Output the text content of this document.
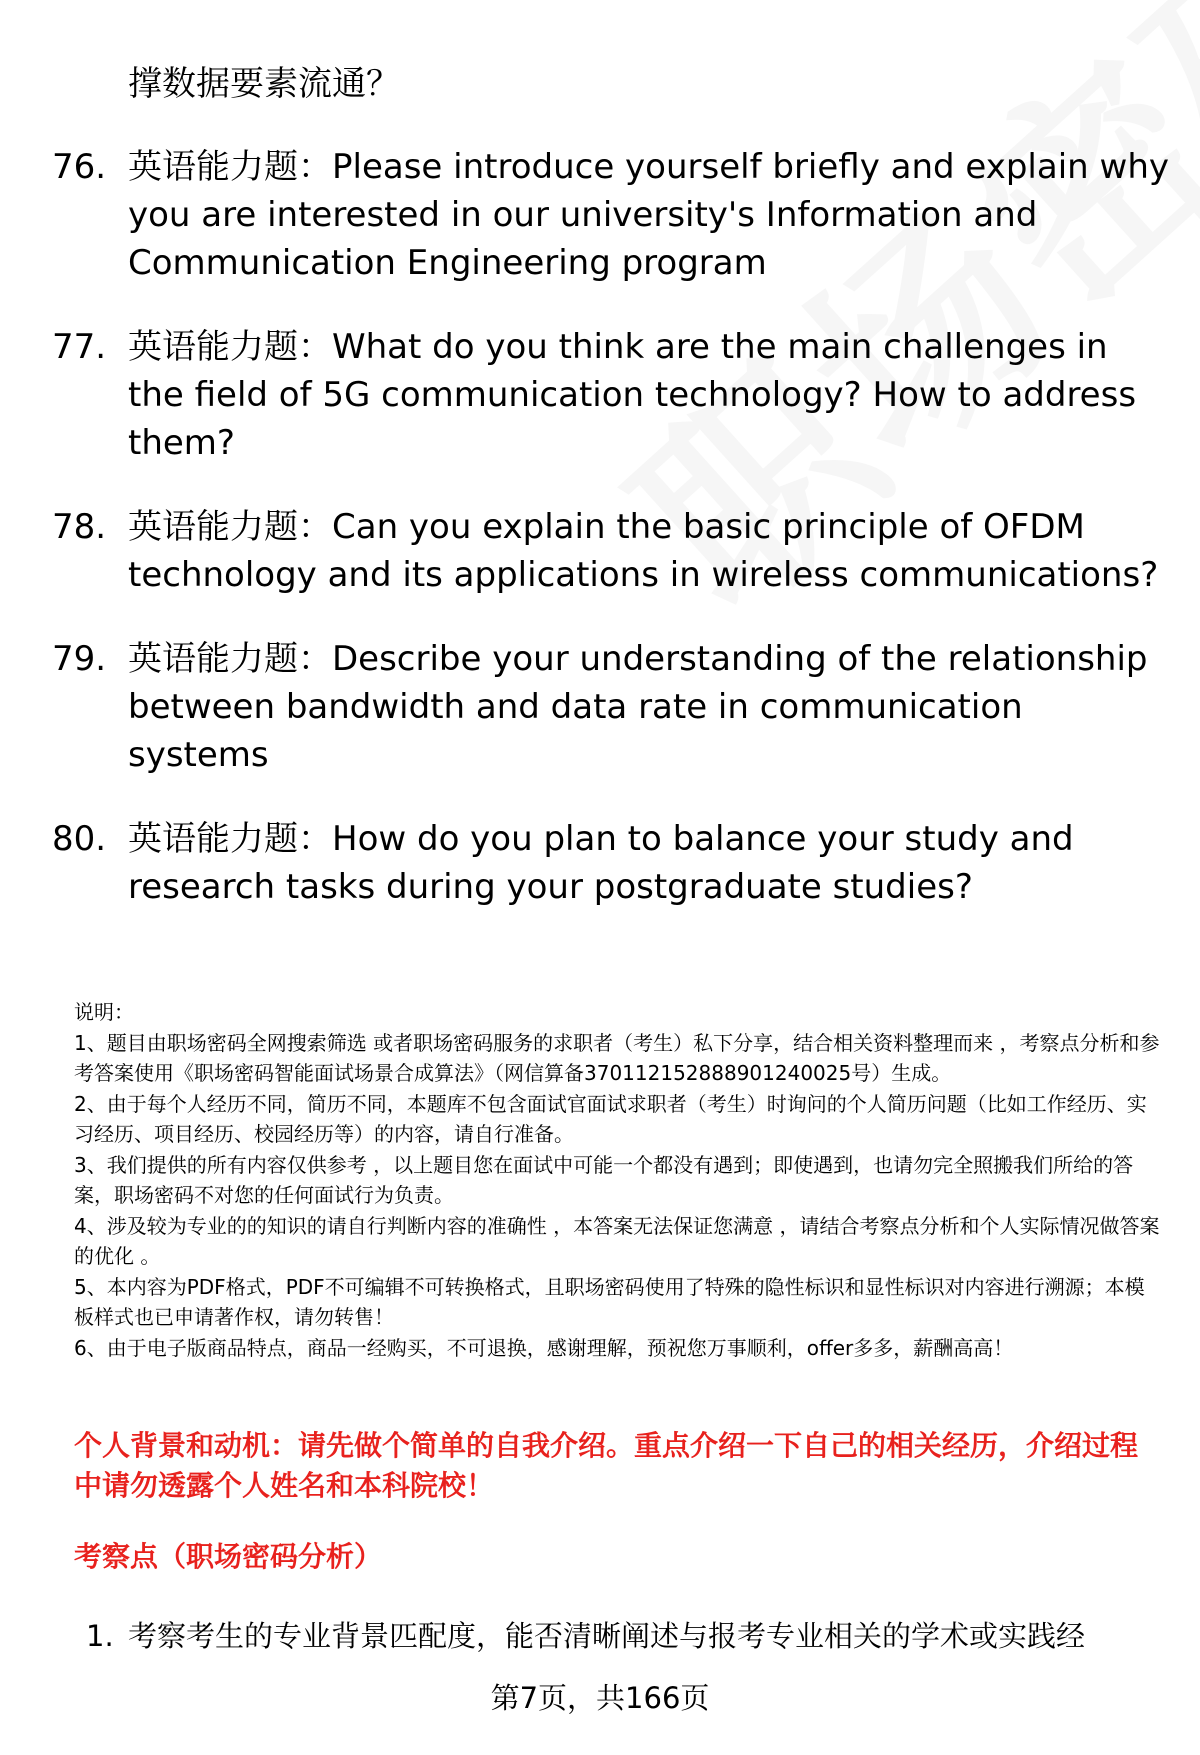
撑数据要素流通？
76. 英语能力题：Please introduce yourself briefly and explain why you are interested in our university's Information and Communication Engineering program
77. 英语能力题：What do you think are the main challenges in the field of 5G communication technology? How to address them?
78. 英语能力题：Can you explain the basic principle of OFDM technology and its applications in wireless communications?
79. 英语能力题：Describe your understanding of the relationship between bandwidth and data rate in communication systems
80. 英语能力题：How do you plan to balance your study and research tasks during your postgraduate studies?

说明：

1、题目由职场密码全网搜索筛选 或者职场密码服务的求职者（考生）私下分享，结合相关资料整理而来 ，考察点分析和参考答案使用《职场密码智能面试场景合成算法》（网信算备370112152888901240025号）生成。

2、由于每个人经历不同，简历不同，本题库不包含面试官面试求职者（考生）时询问的个人简历问题（比如工作经历、实习经历、项目经历、校园经历等）的内容，请自行准备。

3、我们提供的所有内容仅供参考 ，以上题目您在面试中可能一个都没有遇到；即使遇到，也请勿完全照搬我们所给的答案，职场密码不对您的任何面试行为负责。

4、涉及较为专业的的知识的请自行判断内容的准确性 ，本答案无法保证您满意 ，请结合考察点分析和个人实际情况做答案的优化 。

5、本内容为PDF格式，PDF不可编辑不可转换格式，且职场密码使用了特殊的隐性标识和显性标识对内容进行溯源；本模板样式也已申请著作权，请勿转售！

6、由于电子版商品特点，商品一经购买，不可退换，感谢理解，预祝您万事顺利，offer多多，薪酬高高！

个人背景和动机：请先做个简单的自我介绍。重点介绍一下自己的相关经历，介绍过程中请勿透露个人姓名和本科院校！
考察点（职场密码分析）
1. 考察考生的专业背景匹配度，能否清晰阐述与报考专业相关的学术或实践经
第7页，共166页
